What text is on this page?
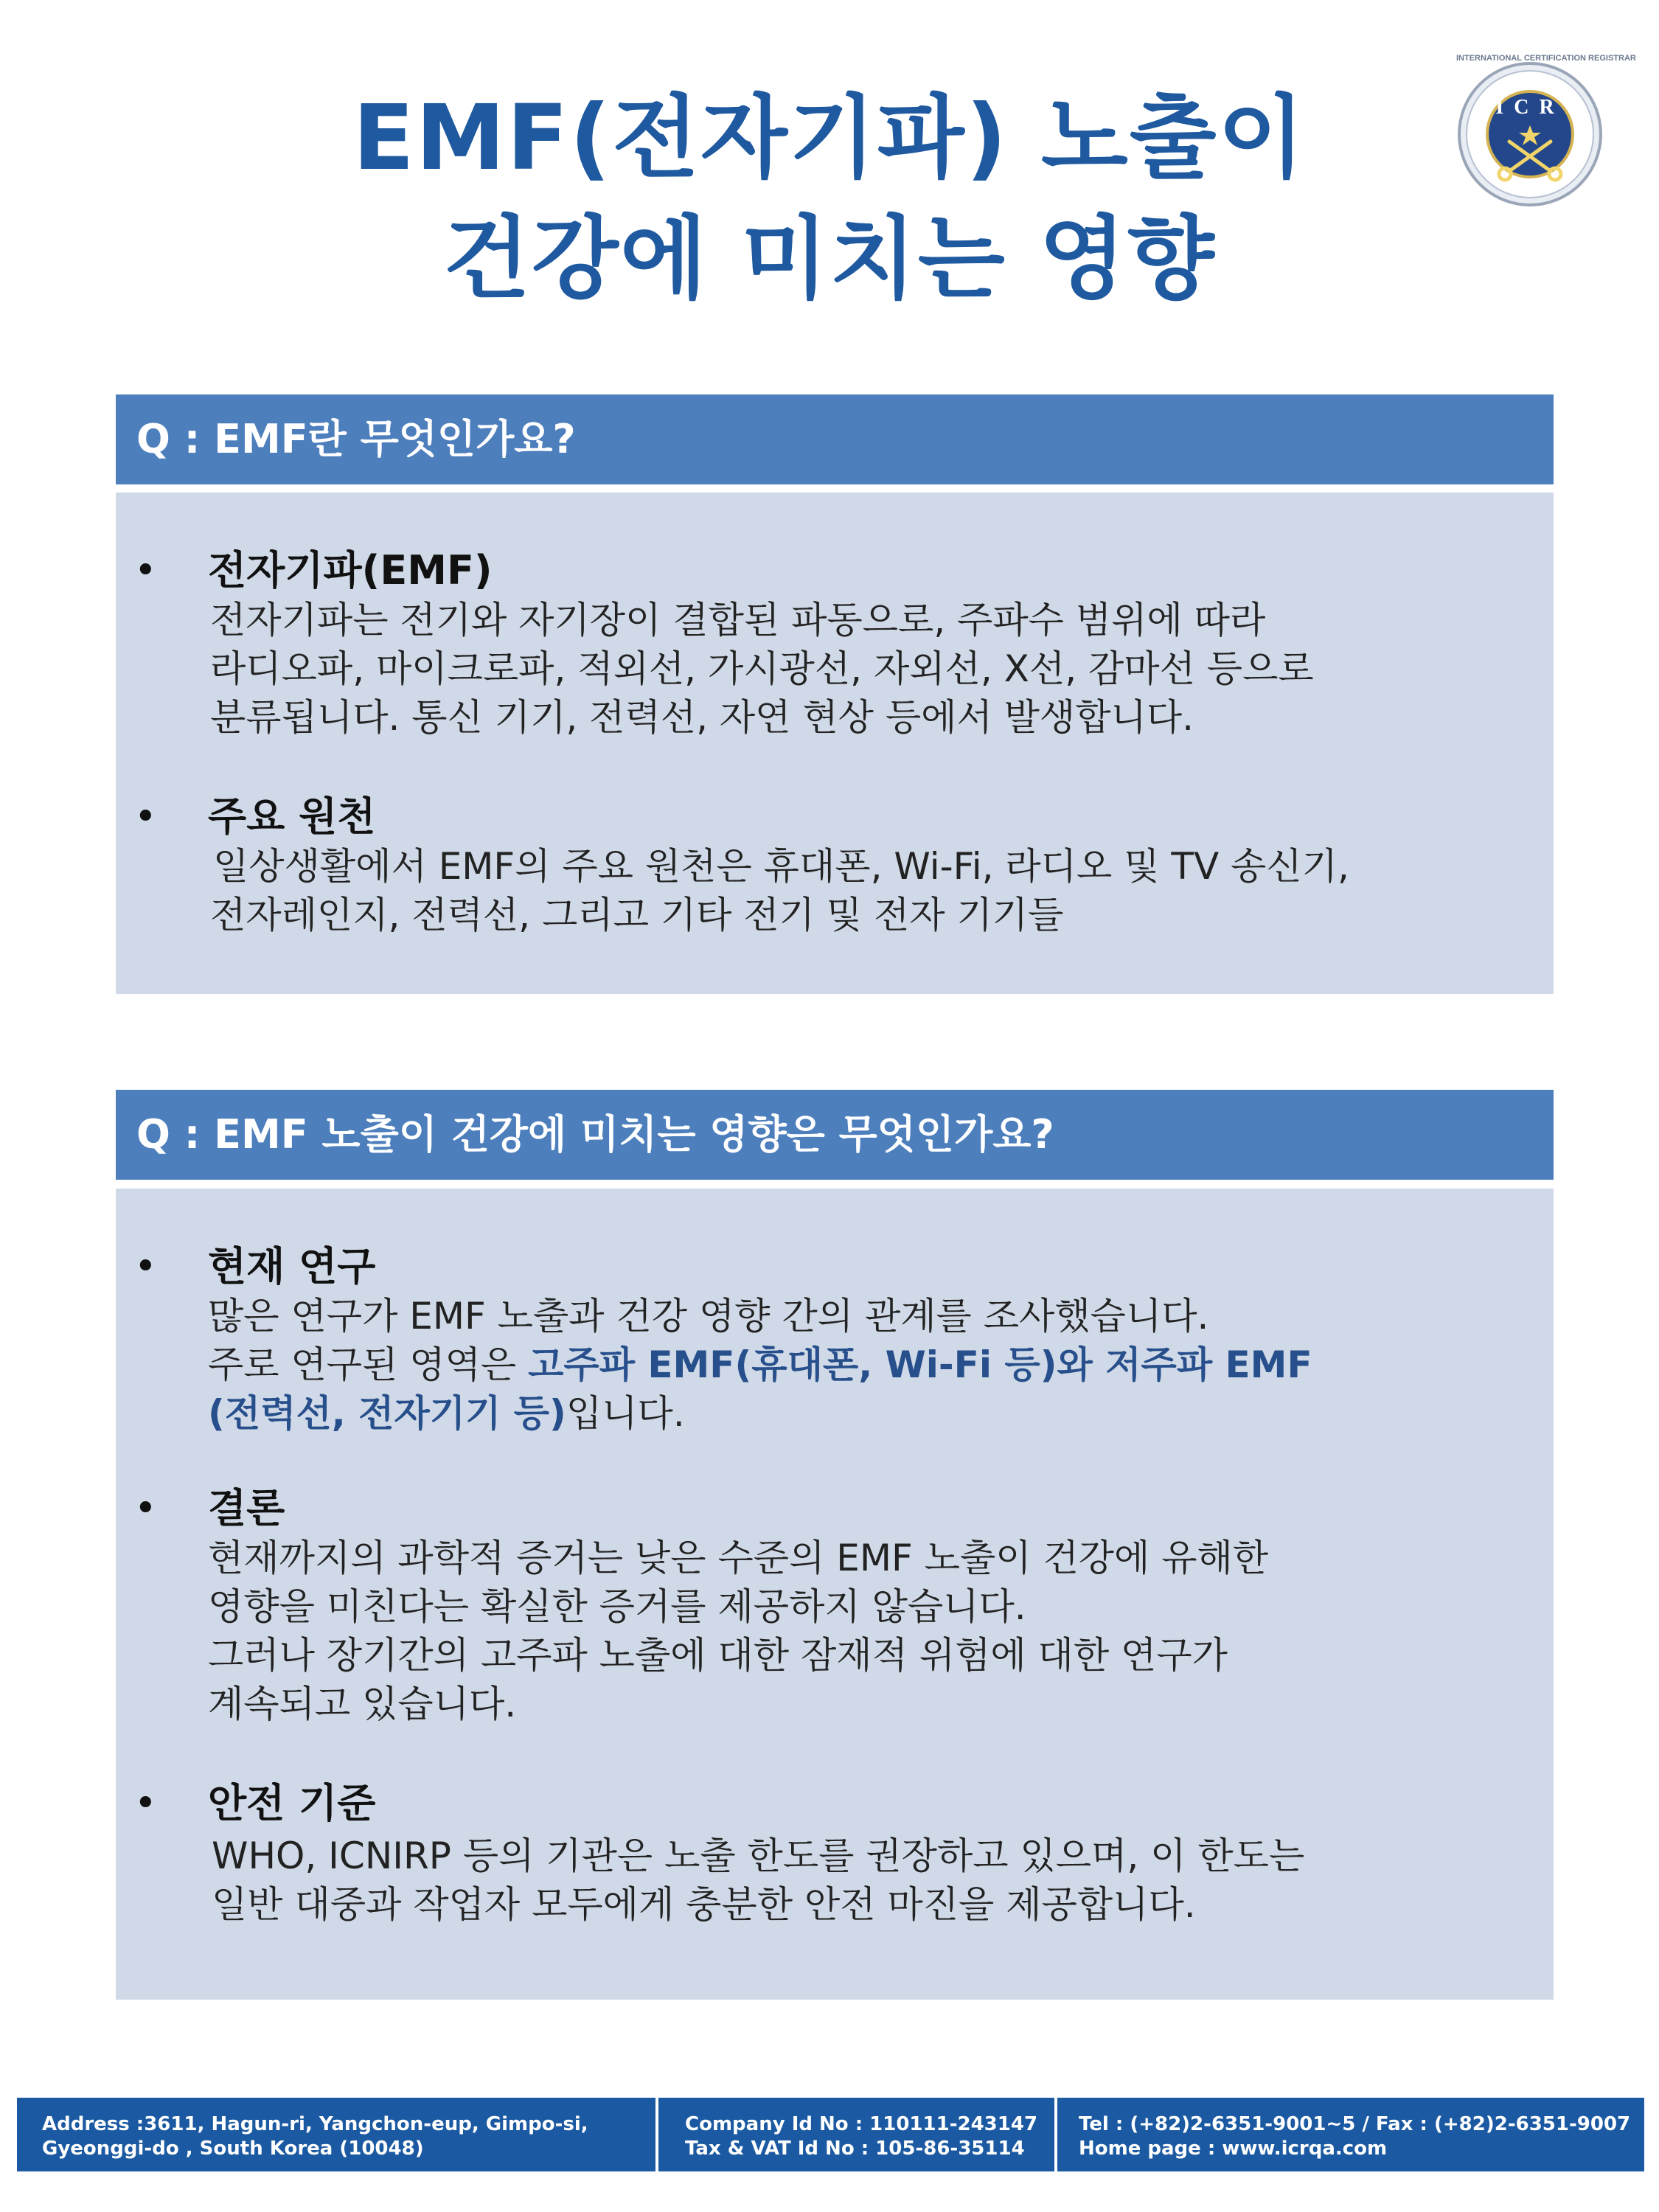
EMF(전자기파) 노출이
건강에 미치는 영향
INTERNATIONAL CERTIFICATION REGISTRAR
ICR
Q : EMF란 무엇인가요?
• 전자기파(EMF)
전자기파는 전기와 자기장이 결합된 파동으로, 주파수 범위에 따라
라디오파, 마이크로파, 적외선, 가시광선, 자외선, X선, 감마선 등으로
분류됩니다. 통신 기기, 전력선, 자연 현상 등에서 발생합니다.
• 주요 원천
일상생활에서 EMF의 주요 원천은 휴대폰, Wi-Fi, 라디오 및 TV 송신기,
전자레인지, 전력선, 그리고 기타 전기 및 전자 기기들
Q : EMF 노출이 건강에 미치는 영향은 무엇인가요?
• 현재 연구
많은 연구가 EMF 노출과 건강 영향 간의 관계를 조사했습니다.
주로 연구된 영역은 고주파 EMF(휴대폰, Wi-Fi 등)와 저주파 EMF
(전력선, 전자기기 등)입니다.
• 결론
현재까지의 과학적 증거는 낮은 수준의 EMF 노출이 건강에 유해한
영향을 미친다는 확실한 증거를 제공하지 않습니다.
그러나 장기간의 고주파 노출에 대한 잠재적 위험에 대한 연구가
계속되고 있습니다.
• 안전 기준
WHO, ICNIRP 등의 기관은 노출 한도를 권장하고 있으며, 이 한도는
일반 대중과 작업자 모두에게 충분한 안전 마진을 제공합니다.
Address :3611, Hagun-ri, Yangchon-eup, Gimpo-si,
Gyeonggi-do , South Korea (10048)
Company Id No : 110111-243147
Tax & VAT Id No : 105-86-35114
Tel : (+82)2-6351-9001~5 / Fax : (+82)2-6351-9007
Home page : www.icrqa.com
